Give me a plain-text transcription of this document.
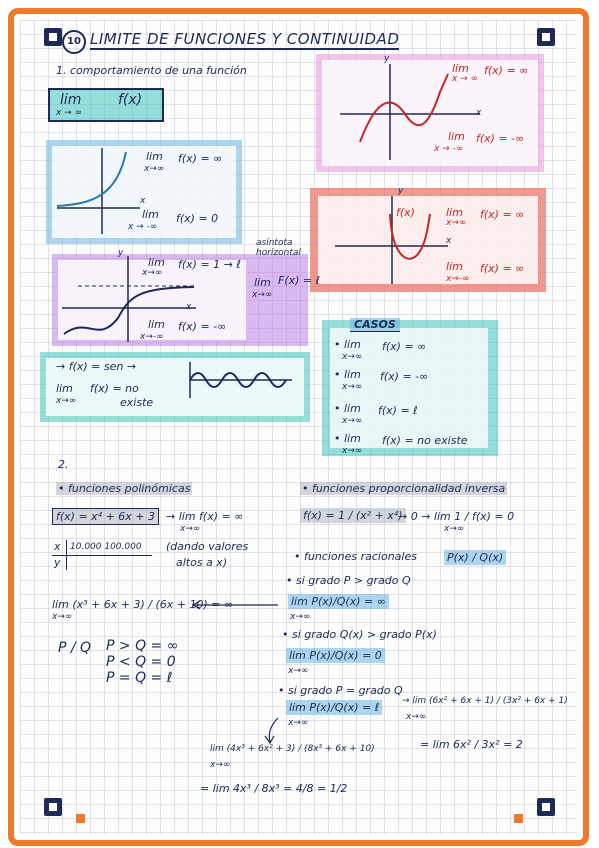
10 LIMITE DE FUNCIONES Y CONTINUIDAD
1. comportamiento de una función
lim	f(x)
x → ∞
x
lim
x→∞
f(x) = ∞
lim
x → -∞
f(x) = 0
y
x
lim
x → ∞
f(x) = ∞
lim
x → -∞
f(x) = -∞
y
x
f(x)	lim
x→∞
f(x) = ∞
lim
x→-∞
f(x) = ∞
y
x
lim
x→∞
f(x) = 1 → ℓ
asíntota horizontal
lim
x→∞
F(x) = ℓ
lim
x→-∞
f(x) = -∞
→ f(x) = sen →
lim
x→∞
f(x) = no
existe
CASOS
• lim
x→∞
f(x) = ∞
• lim
x→∞
f(x) = -∞
• lim
x→∞
f(x) = ℓ
• lim
x→∞
f(x) = no existe
2.
• funciones polinómicas	• funciones proporcionalidad inversa
f(x) = x⁴ + 6x + 3 → lim f(x) = ∞
x→∞
x
y
10.000 100.000 (dando valores
altos a x)
f(x) = 1 / (x² + x⁴)
→ 0 → lim 1 / f(x) = 0
x→∞
• funciones racionales	P(x) / Q(x)
• si grado P > grado Q
lim P(x)/Q(x) = ∞
x→∞
• si grado Q(x) > grado P(x)
lim P(x)/Q(x) = 0
x→∞
• si grado P = grado Q
lim P(x)/Q(x) = ℓ
x→∞
lim (x³ + 6x + 3) / (6x + 10) = ∞
x→∞
P / Q P > Q = ∞
P < Q = 0
P = Q = ℓ
→ lim (6x² + 6x + 1) / (3x² + 6x + 1)
x→∞
= lim 6x² / 3x² = 2
lim (4x³ + 6x² + 3) / (8x³ + 6x + 10)
x→∞
= lim 4x³ / 8x³ = 4/8 = 1/2
